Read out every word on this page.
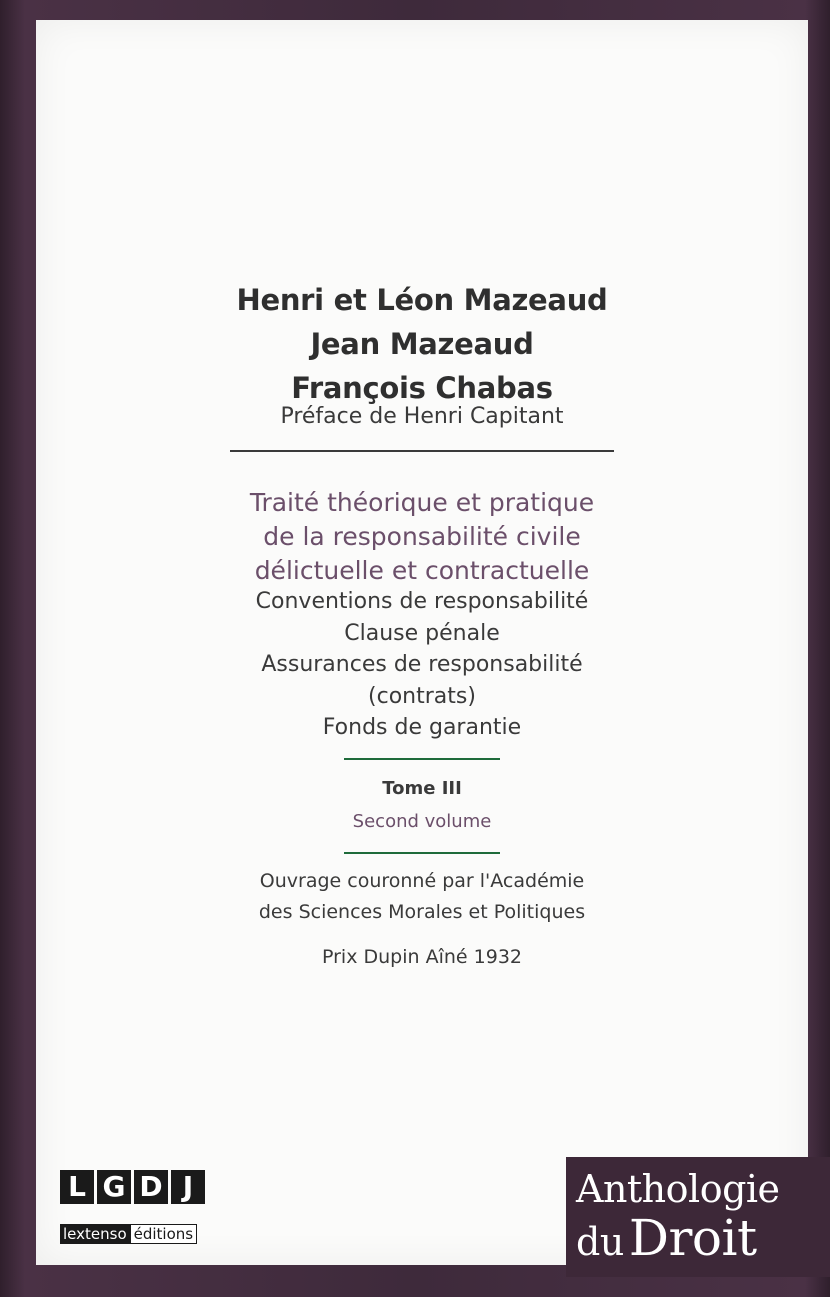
Henri et Léon Mazeaud
Jean Mazeaud
François Chabas
Préface de Henri Capitant
Traité théorique et pratique
de la responsabilité civile
délictuelle et contractuelle
Conventions de responsabilité
Clause pénale
Assurances de responsabilité
(contrats)
Fonds de garantie
Tome III
Second volume
Ouvrage couronné par l'Académie
des Sciences Morales et Politiques
Prix Dupin Aîné 1932
L G D J
lextenso éditions
Anthologie
du Droit
